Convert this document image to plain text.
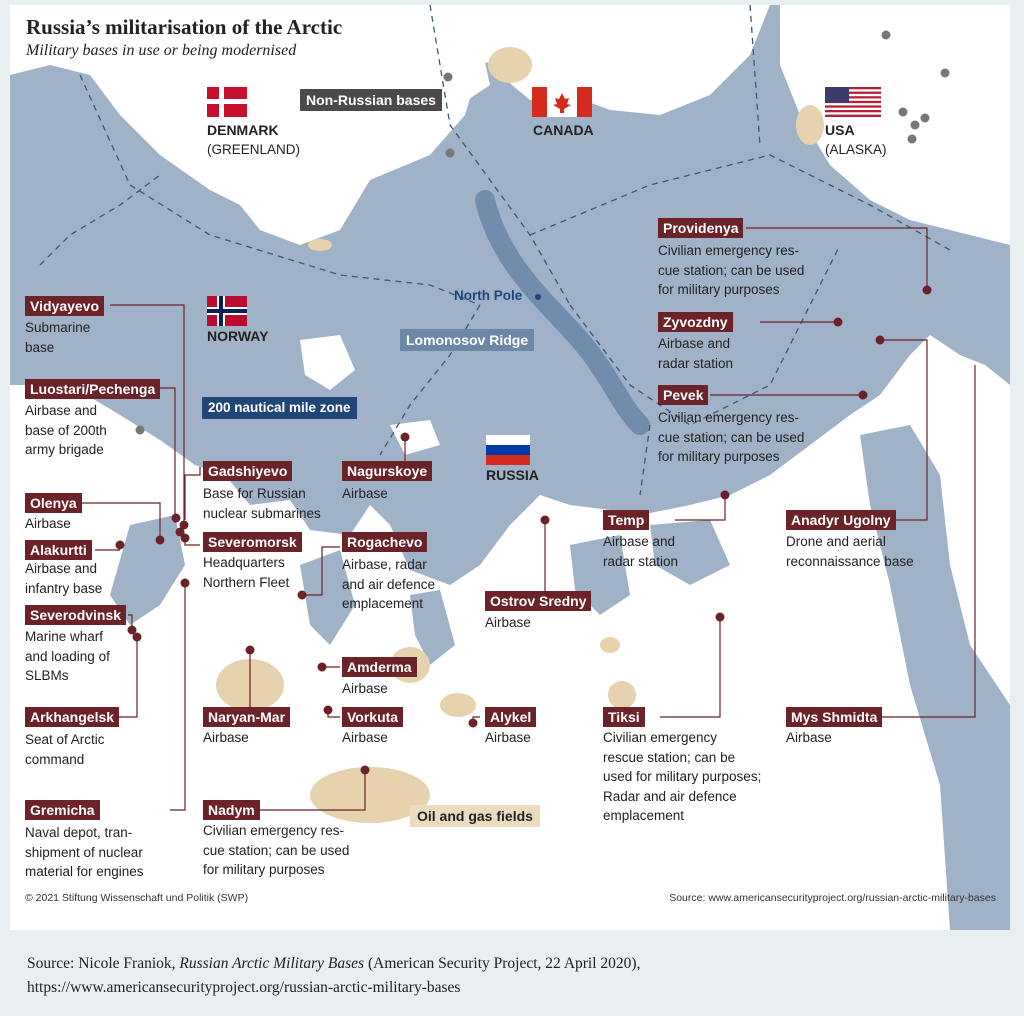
Russia’s militarisation of the Arctic
Military bases in use or being modernised
DENMARK
(GREENLAND)
CANADA	USA
(ALASKA)
NORWAY
RUSSIA
Non-Russian bases
North Pole
Lomonosov Ridge
200 nautical mile zone
Oil and gas fields
Vidyayevo
Submarine
base
Luostari/Pechenga
Airbase and
base of 200th
army brigade
Olenya
Airbase
Alakurtti
Airbase and
infantry base
Severodvinsk
Marine wharf
and loading of
SLBMs
Arkhangelsk
Seat of Arctic
command
Gremicha
Naval depot, tran-
shipment of nuclear
material for engines
Gadshiyevo
Base for Russian
nuclear submarines
Severomorsk
Headquarters
Northern Fleet
Naryan-Mar
Airbase
Nadym
Civilian emergency res-
cue station; can be used
for military purposes
Nagurskoye
Airbase
Rogachevo
Airbase, radar
and air defence
emplacement
Amderma
Airbase
Vorkuta
Airbase
Alykel
Airbase
Ostrov Sredny
Airbase
Temp
Airbase and
radar station
Tiksi
Civilian emergency
rescue station; can be
used for military purposes;
Radar and air defence
emplacement
Providenya
Civilian emergency res-
cue station; can be used
for military purposes
Zyvozdny
Airbase and
radar station
Pevek
Civilian emergency res-
cue station; can be used
for military purposes
Anadyr Ugolny
Drone and aerial
reconnaissance base
Mys Shmidta
Airbase
© 2021 Stiftung Wissenschaft und Politik (SWP)	Source: www.americansecurityproject.org/russian-arctic-military-bases
Source: Nicole Franiok, Russian Arctic Military Bases (American Security Project, 22 April 2020),
https://www.americansecurityproject.org/russian-arctic-military-bases
